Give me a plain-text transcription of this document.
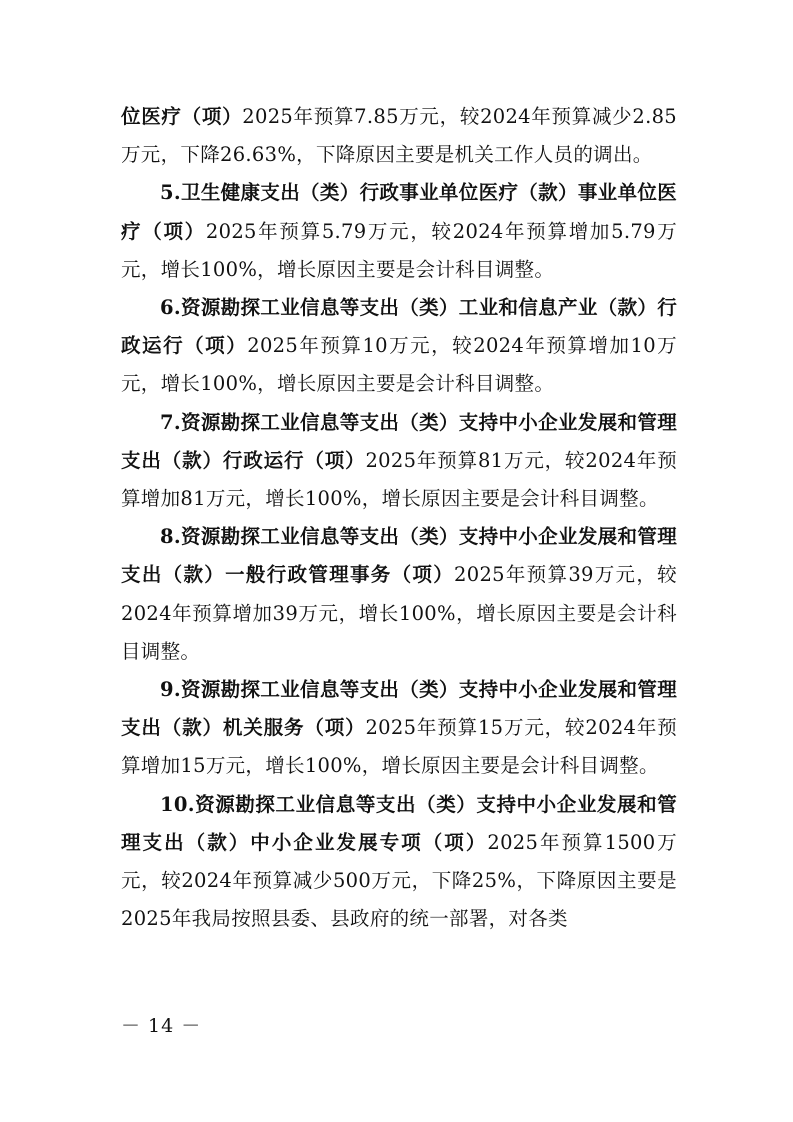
位医疗（项）2025年预算7.85万元，较2024年预算减少2.85万元，下降26.63%，下降原因主要是机关工作人员的调出。

5.卫生健康支出（类）行政事业单位医疗（款）事业单位医疗（项）2025年预算5.79万元，较2024年预算增加5.79万元，增长100%，增长原因主要是会计科目调整。

6.资源勘探工业信息等支出（类）工业和信息产业（款）行政运行（项）2025年预算10万元，较2024年预算增加10万元，增长100%，增长原因主要是会计科目调整。

7.资源勘探工业信息等支出（类）支持中小企业发展和管理支出（款）行政运行（项）2025年预算81万元，较2024年预算增加81万元，增长100%，增长原因主要是会计科目调整。

8.资源勘探工业信息等支出（类）支持中小企业发展和管理支出（款）一般行政管理事务（项）2025年预算39万元，较2024年预算增加39万元，增长100%，增长原因主要是会计科目调整。

9.资源勘探工业信息等支出（类）支持中小企业发展和管理支出（款）机关服务（项）2025年预算15万元，较2024年预算增加15万元，增长100%，增长原因主要是会计科目调整。

10.资源勘探工业信息等支出（类）支持中小企业发展和管理支出（款）中小企业发展专项（项）2025年预算1500万元，较2024年预算减少500万元，下降25%，下降原因主要是2025年我局按照县委、县政府的统一部署，对各类

－ 14 －
